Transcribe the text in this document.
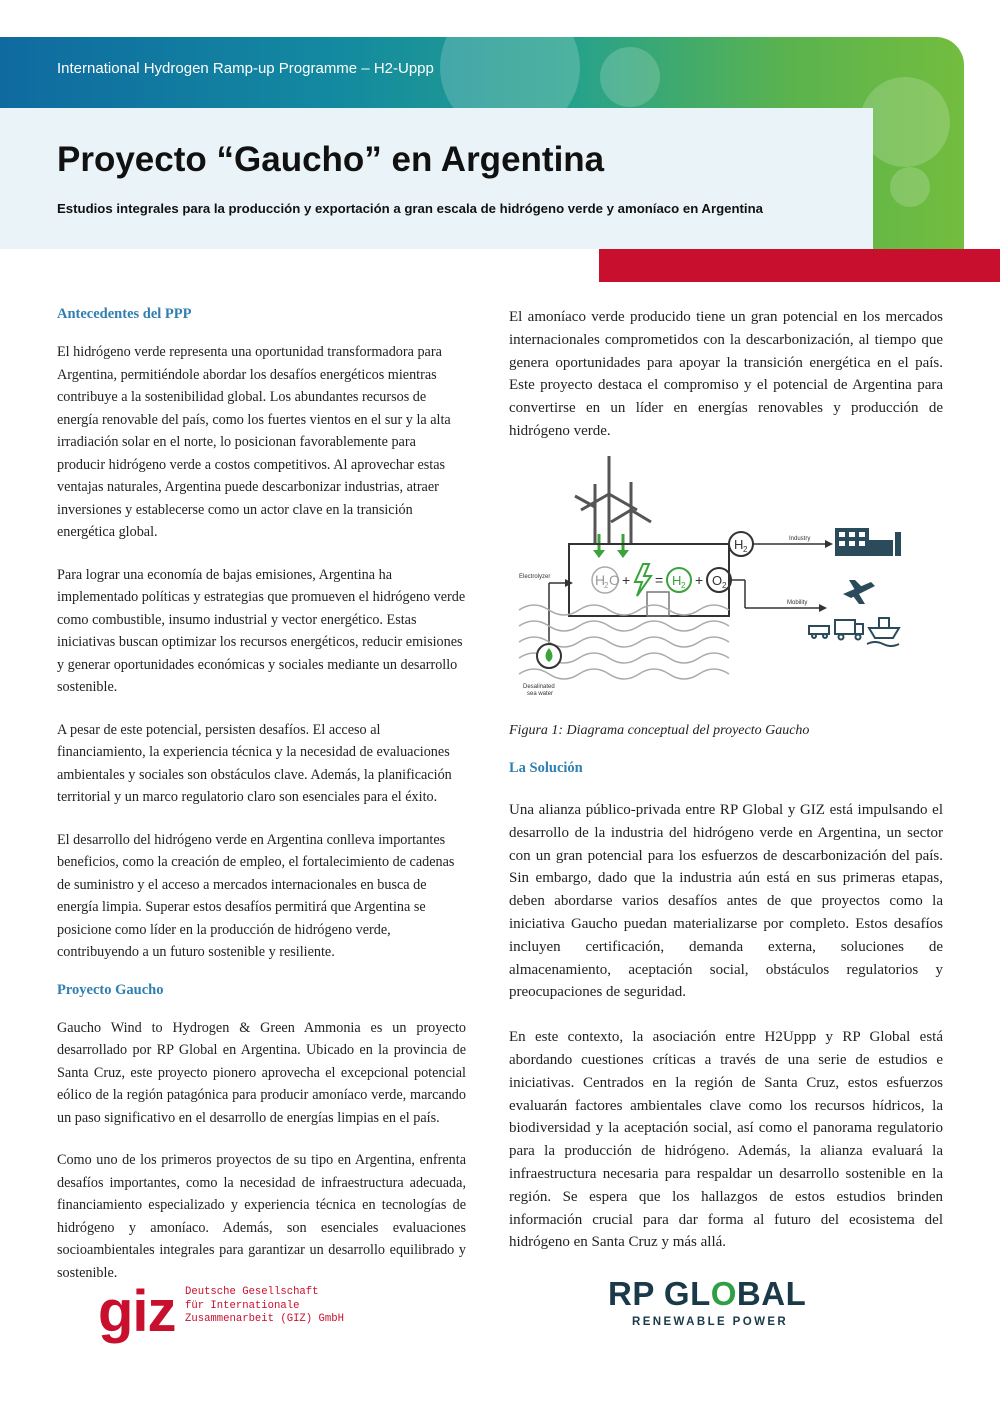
International Hydrogen Ramp-up Programme – H2-Uppp
Proyecto “Gaucho” en Argentina
Estudios integrales para la producción y exportación a gran escala de hidrógeno verde y amoníaco en Argentina
Antecedentes del PPP

El hidrógeno verde representa una oportunidad transformadora para Argentina, permitiéndole abordar los desafíos energéticos mientras contribuye a la sostenibilidad global. Los abundantes recursos de energía renovable del país, como los fuertes vientos en el sur y la alta irradiación solar en el norte, lo posicionan favorablemente para producir hidrógeno verde a costos competitivos. Al aprovechar estas ventajas naturales, Argentina puede descarbonizar industrias, atraer inversiones y establecerse como un actor clave en la transición energética global.

Para lograr una economía de bajas emisiones, Argentina ha implementado políticas y estrategias que promueven el hidrógeno verde como combustible, insumo industrial y vector energético. Estas iniciativas buscan optimizar los recursos energéticos, reducir emisiones y generar oportunidades económicas y sociales mediante un desarrollo sostenible.

A pesar de este potencial, persisten desafíos. El acceso al financiamiento, la experiencia técnica y la necesidad de evaluaciones ambientales y sociales son obstáculos clave. Además, la planificación territorial y un marco regulatorio claro son esenciales para el éxito.

El desarrollo del hidrógeno verde en Argentina conlleva importantes beneficios, como la creación de empleo, el fortalecimiento de cadenas de suministro y el acceso a mercados internacionales en busca de energía limpia. Superar estos desafíos permitirá que Argentina se posicione como líder en la producción de hidrógeno verde, contribuyendo a un futuro sostenible y resiliente.

Proyecto Gaucho

Gaucho Wind to Hydrogen & Green Ammonia es un proyecto desarrollado por RP Global en Argentina. Ubicado en la provincia de Santa Cruz, este proyecto pionero aprovecha el excepcional potencial eólico de la región patagónica para producir amoníaco verde, marcando un paso significativo en el desarrollo de energías limpias en el país.

Como uno de los primeros proyectos de su tipo en Argentina, enfrenta desafíos importantes, como la necesidad de infraestructura adecuada, financiamiento especializado y experiencia técnica en tecnologías de hidrógeno y amoníaco. Además, son esenciales evaluaciones socioambientales integrales para garantizar un desarrollo equilibrado y sostenible.

El amoníaco verde producido tiene un gran potencial en los mercados internacionales comprometidos con la descarbonización, al tiempo que genera oportunidades para apoyar la transición energética en el país. Este proyecto destaca el compromiso y el potencial de Argentina para convertirse en un líder en energías renovables y producción de hidrógeno verde.

H
2 O + = H 2 + O 2
H 2
Industry
Mobility
Electrolyzer
Desalinated
sea water
Figura 1: Diagrama conceptual del proyecto Gaucho
La Solución

Una alianza público-privada entre RP Global y GIZ está impulsando el desarrollo de la industria del hidrógeno verde en Argentina, un sector con un gran potencial para los esfuerzos de descarbonización del país. Sin embargo, dado que la industria aún está en sus primeras etapas, deben abordarse varios desafíos antes de que proyectos como la iniciativa Gaucho puedan materializarse por completo. Estos desafíos incluyen certificación, demanda externa, soluciones de almacenamiento, aceptación social, obstáculos regulatorios y preocupaciones de seguridad.

En este contexto, la asociación entre H2Uppp y RP Global está abordando cuestiones críticas a través de una serie de estudios e iniciativas. Centrados en la región de Santa Cruz, estos esfuerzos evaluarán factores ambientales clave como los recursos hídricos, la biodiversidad y la aceptación social, así como el panorama regulatorio para la producción de hidrógeno. Además, la alianza evaluará la infraestructura necesaria para respaldar un desarrollo sostenible en la región. Se espera que los hallazgos de estos estudios brinden información crucial para dar forma al futuro del ecosistema del hidrógeno en Santa Cruz y más allá.

giz Deutsche Gesellschaft
für Internationale
Zusammenarbeit (GIZ) GmbH
RP GLOBAL
RENEWABLE POWER
